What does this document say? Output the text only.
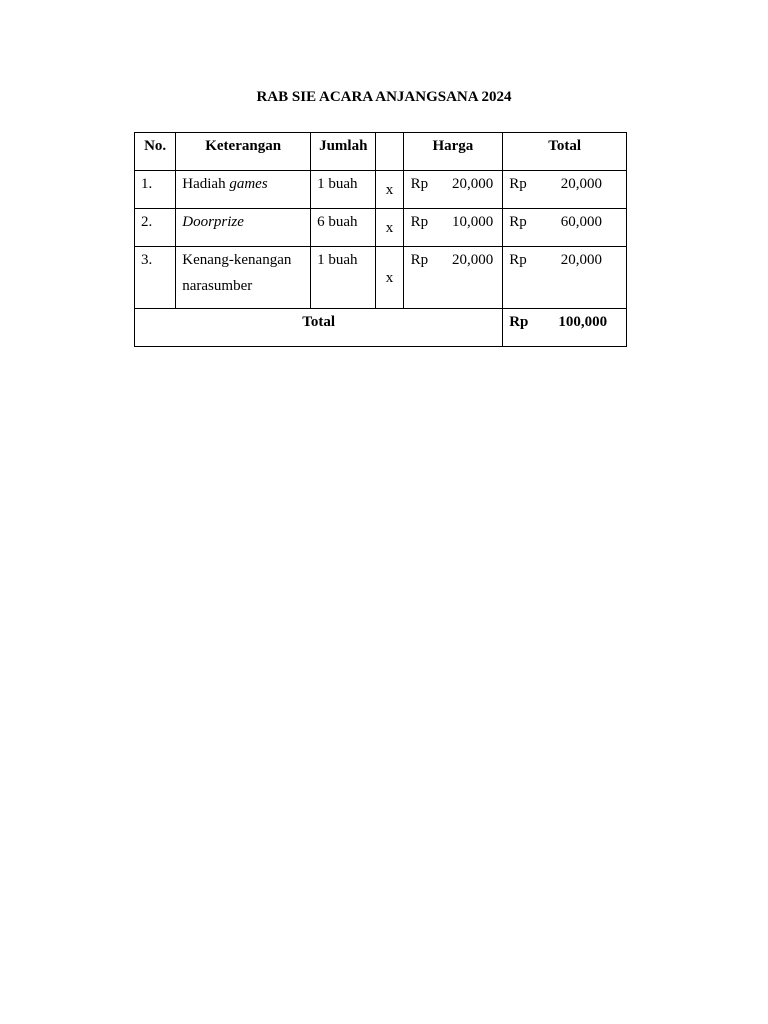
RAB SIE ACARA ANJANGSANA 2024
No.	Keterangan	Jumlah		Harga	Total
1.	Hadiah games	1 buah	x	Rp 20,000	Rp 20,000

2.	Doorprize	6 buah	x	Rp 10,000	Rp 60,000

3.	Kenang-kenangan narasumber	1 buah	x	Rp 20,000	Rp 20,000

Total					Rp 100,000
